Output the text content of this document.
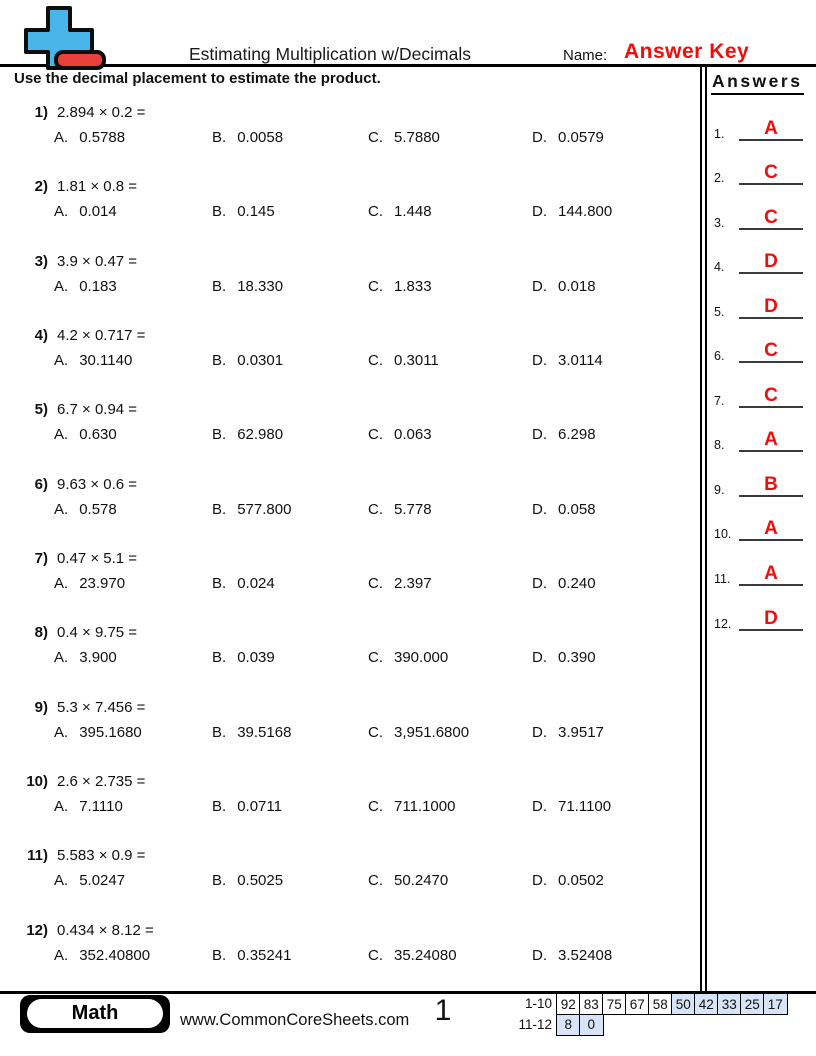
Estimating Multiplication w/Decimals	Name: Answer Key
Use the decimal placement to estimate the product.
1) 2.894 × 0.2 =
A. 0.5788	B. 0.0058	C. 5.7880	D. 0.0579
2) 1.81 × 0.8 =
A. 0.014	B. 0.145	C. 1.448	D. 144.800
3) 3.9 × 0.47 =
A. 0.183	B. 18.330	C. 1.833	D. 0.018
4) 4.2 × 0.717 =
A. 30.1140	B. 0.0301	C. 0.3011	D. 3.0114
5) 6.7 × 0.94 =
A. 0.630	B. 62.980	C. 0.063	D. 6.298
6) 9.63 × 0.6 =
A. 0.578	B. 577.800	C. 5.778	D. 0.058
7) 0.47 × 5.1 =
A. 23.970	B. 0.024	C. 2.397	D. 0.240
8) 0.4 × 9.75 =
A. 3.900	B. 0.039	C. 390.000	D. 0.390
9) 5.3 × 7.456 =
A. 395.1680	B. 39.5168	C. 3,951.6800	D. 3.9517
10) 2.6 × 2.735 =
A. 7.1110	B. 0.0711	C. 711.1000	D. 71.1100
11) 5.583 × 0.9 =
A. 5.0247	B. 0.5025	C. 50.2470	D. 0.0502
12) 0.434 × 8.12 =
A. 352.40800	B. 0.35241	C. 35.24080	D. 3.52408
Answers
1.	A
2.	C
3.	C
4.	D
5.	D
6.	C
7.	C
8.	A
9.	B
10.	A
11.	A
12.	D
Math	www.CommonCoreSheets.com 1	1-10 92 83 75 67 58 50 42 33 25 17
11-12 8	0
